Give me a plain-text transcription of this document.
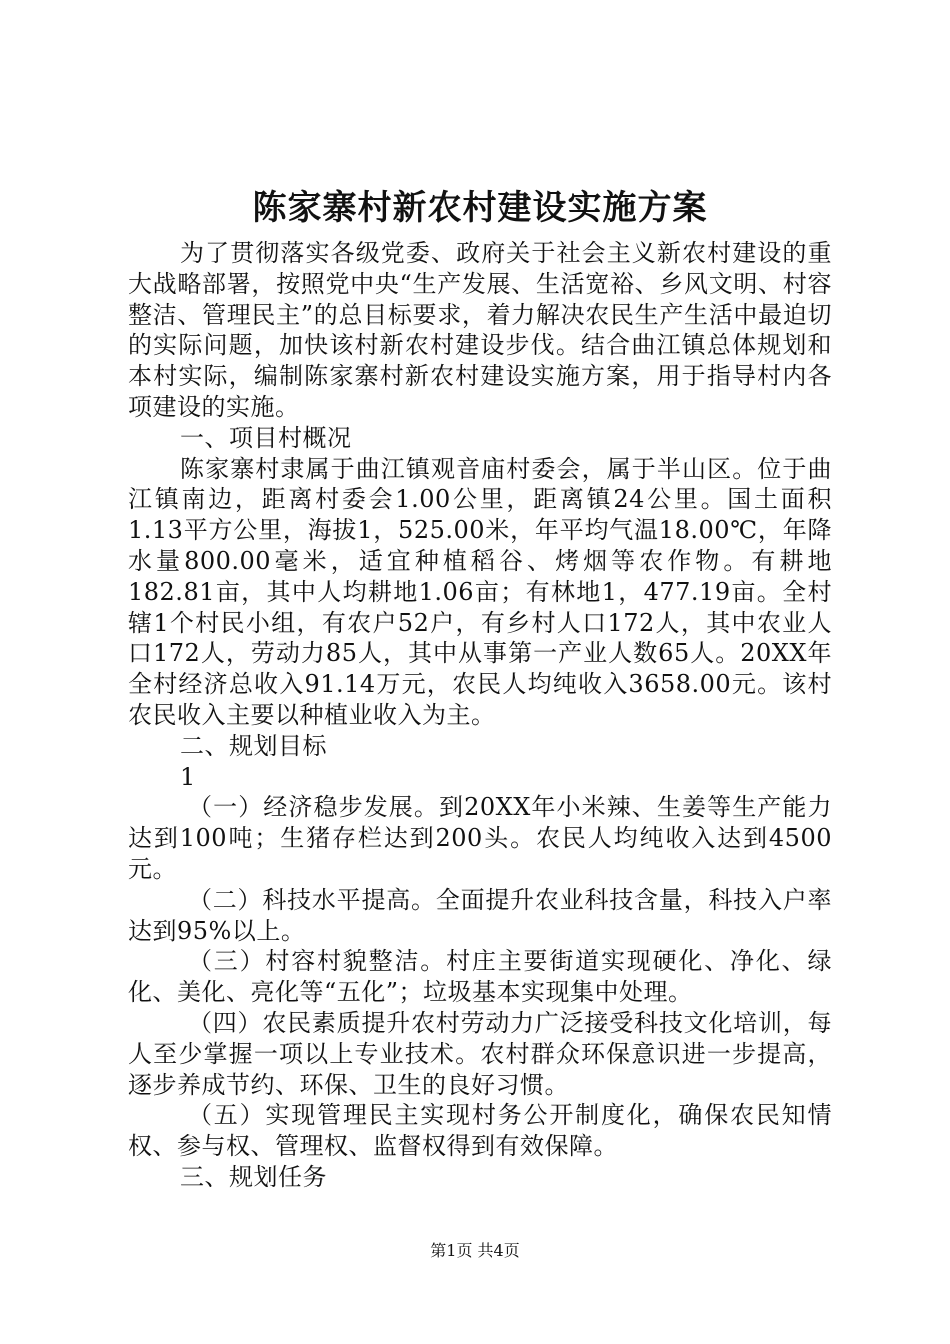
陈家寨村新农村建设实施方案

为了贯彻落实各级党委、政府关于社会主义新农村建设的重大战略部署，按照党中央“生产发展、生活宽裕、乡风文明、村容整洁、管理民主”的总目标要求，着力解决农民生产生活中最迫切的实际问题，加快该村新农村建设步伐。结合曲江镇总体规划和本村实际，编制陈家寨村新农村建设实施方案，用于指导村内各项建设的实施。

一、项目村概况

陈家寨村隶属于曲江镇观音庙村委会，属于半山区。位于曲江镇南边，距离村委会1.00公里，距离镇24公里。国土面积1.13平方公里，海拔1，525.00米，年平均气温18.00℃，年降水量800.00毫米，适宜种植稻谷、烤烟等农作物。有耕地182.81亩，其中人均耕地1.06亩；有林地1，477.19亩。全村辖1个村民小组，有农户52户，有乡村人口172人，其中农业人口172人，劳动力85人，其中从事第一产业人数65人。20XX年全村经济总收入91.14万元，农民人均纯收入3658.00元。该村农民收入主要以种植业收入为主。

二、规划目标

1

（一）经济稳步发展。到20XX年小米辣、生姜等生产能力达到100吨；生猪存栏达到200头。农民人均纯收入达到4500元。

（二）科技水平提高。全面提升农业科技含量，科技入户率达到95%以上。

（三）村容村貌整洁。村庄主要街道实现硬化、净化、绿化、美化、亮化等“五化”；垃圾基本实现集中处理。

（四）农民素质提升农村劳动力广泛接受科技文化培训，每人至少掌握一项以上专业技术。农村群众环保意识进一步提高，逐步养成节约、环保、卫生的良好习惯。

（五）实现管理民主实现村务公开制度化，确保农民知情权、参与权、管理权、监督权得到有效保障。

三、规划任务

第1页 共4页
